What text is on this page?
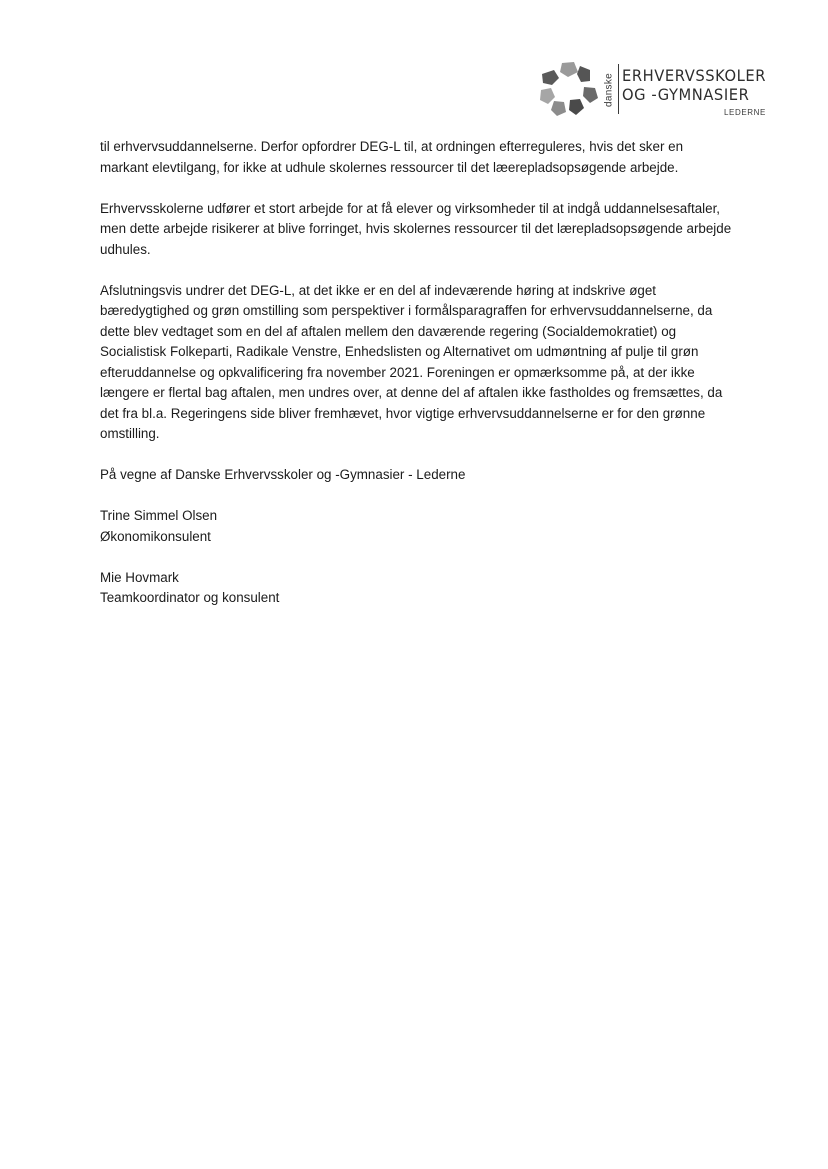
danske ERHVERVSSKOLER
OG -GYMNASIER
LEDERNE

til erhvervsuddannelserne. Derfor opfordrer DEG-L til, at ordningen efterreguleres, hvis det sker en
markant elevtilgang, for ikke at udhule skolernes ressourcer til det læerepladsopsøgende arbejde.

Erhvervsskolerne udfører et stort arbejde for at få elever og virksomheder til at indgå uddannelsesaftaler,
men dette arbejde risikerer at blive forringet, hvis skolernes ressourcer til det lærepladsopsøgende arbejde
udhules.

Afslutningsvis undrer det DEG-L, at det ikke er en del af indeværende høring at indskrive øget
bæredygtighed og grøn omstilling som perspektiver i formålsparagraffen for erhvervsuddannelserne, da
dette blev vedtaget som en del af aftalen mellem den daværende regering (Socialdemokratiet) og
Socialistisk Folkeparti, Radikale Venstre, Enhedslisten og Alternativet om udmøntning af pulje til grøn
efteruddannelse og opkvalificering fra november 2021. Foreningen er opmærksomme på, at der ikke
længere er flertal bag aftalen, men undres over, at denne del af aftalen ikke fastholdes og fremsættes, da
det fra bl.a. Regeringens side bliver fremhævet, hvor vigtige erhvervsuddannelserne er for den grønne
omstilling.

På vegne af Danske Erhvervsskoler og -Gymnasier - Lederne

Trine Simmel Olsen
Økonomikonsulent
Mie Hovmark
Teamkoordinator og konsulent
